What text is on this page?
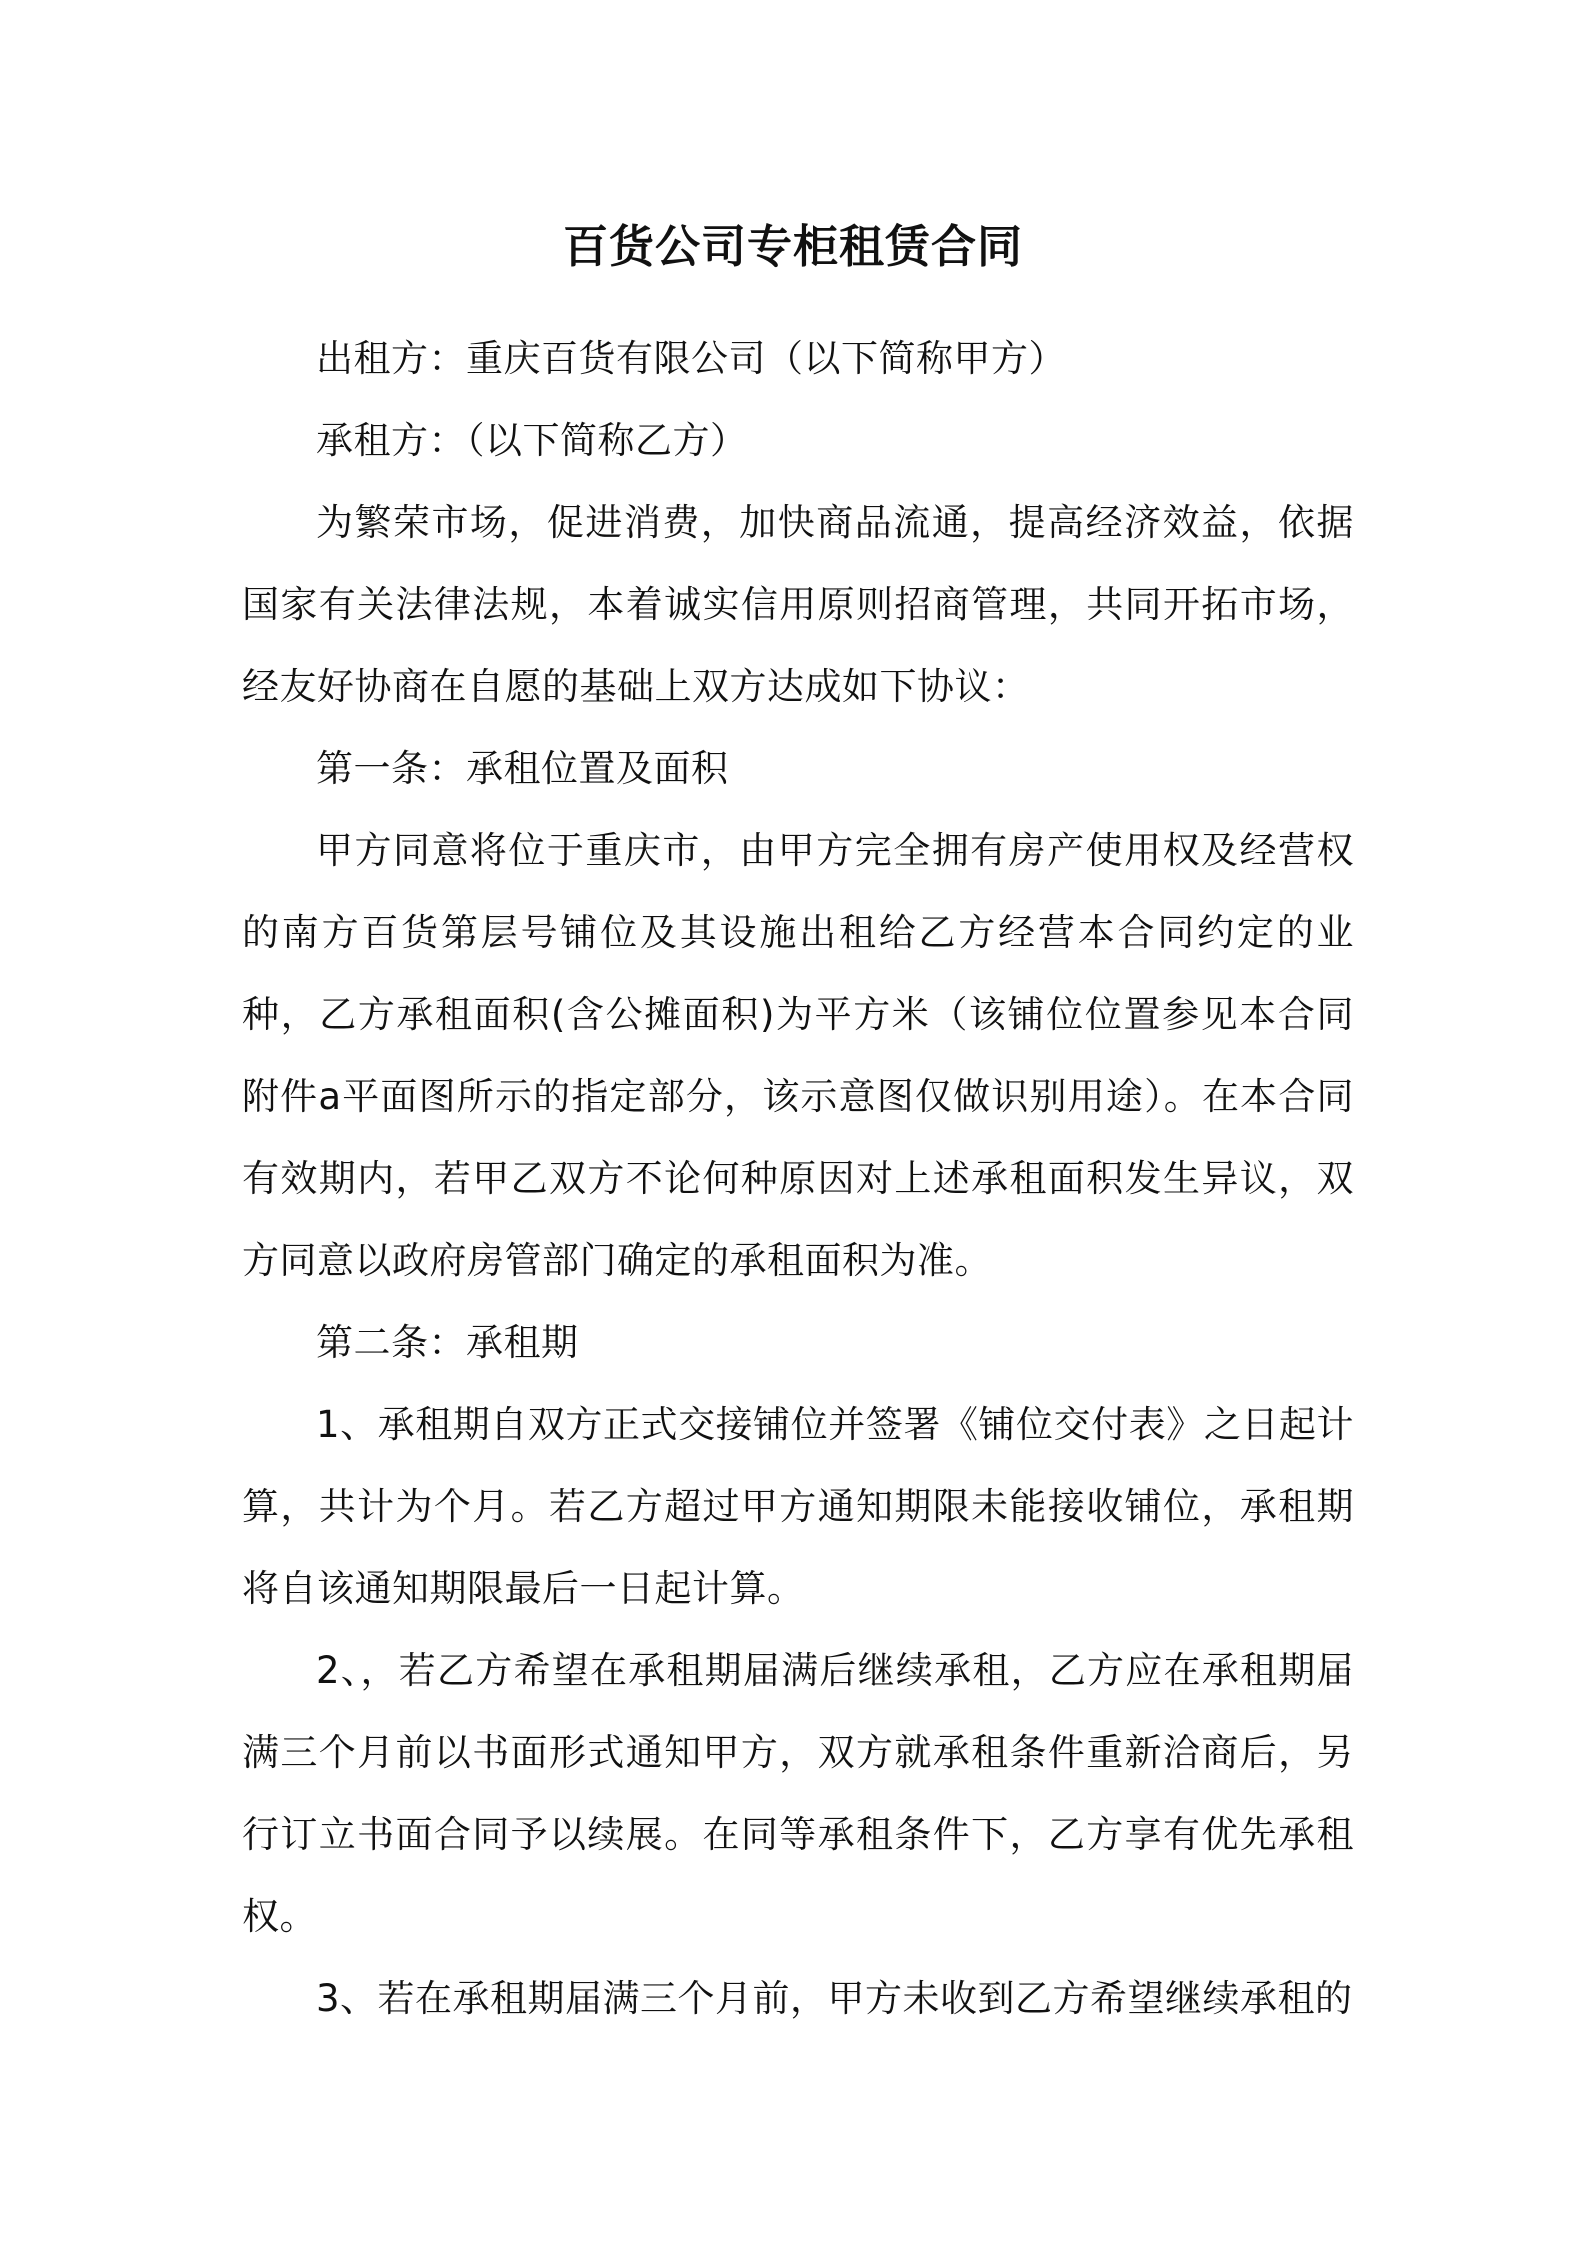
百货公司专柜租赁合同

出租方：重庆百货有限公司（以下简称甲方）

承租方：（以下简称乙方）

为繁荣市场，促进消费，加快商品流通，提高经济效益，依据国家有关法律法规，本着诚实信用原则招商管理，共同开拓市场，经友好协商在自愿的基础上双方达成如下协议：

第一条：承租位置及面积

甲方同意将位于重庆市，由甲方完全拥有房产使用权及经营权的南方百货第层号铺位及其设施出租给乙方经营本合同约定的业种，乙方承租面积(含公摊面积)为平方米（该铺位位置参见本合同附件a平面图所示的指定部分，该示意图仅做识别用途）。在本合同有效期内，若甲乙双方不论何种原因对上述承租面积发生异议，双方同意以政府房管部门确定的承租面积为准。

第二条：承租期

1、承租期自双方正式交接铺位并签署《铺位交付表》之日起计算，共计为个月。若乙方超过甲方通知期限未能接收铺位，承租期将自该通知期限最后一日起计算。

2、，若乙方希望在承租期届满后继续承租，乙方应在承租期届满三个月前以书面形式通知甲方，双方就承租条件重新洽商后，另行订立书面合同予以续展。在同等承租条件下，乙方享有优先承租权。

3、若在承租期届满三个月前，甲方未收到乙方希望继续承租的
